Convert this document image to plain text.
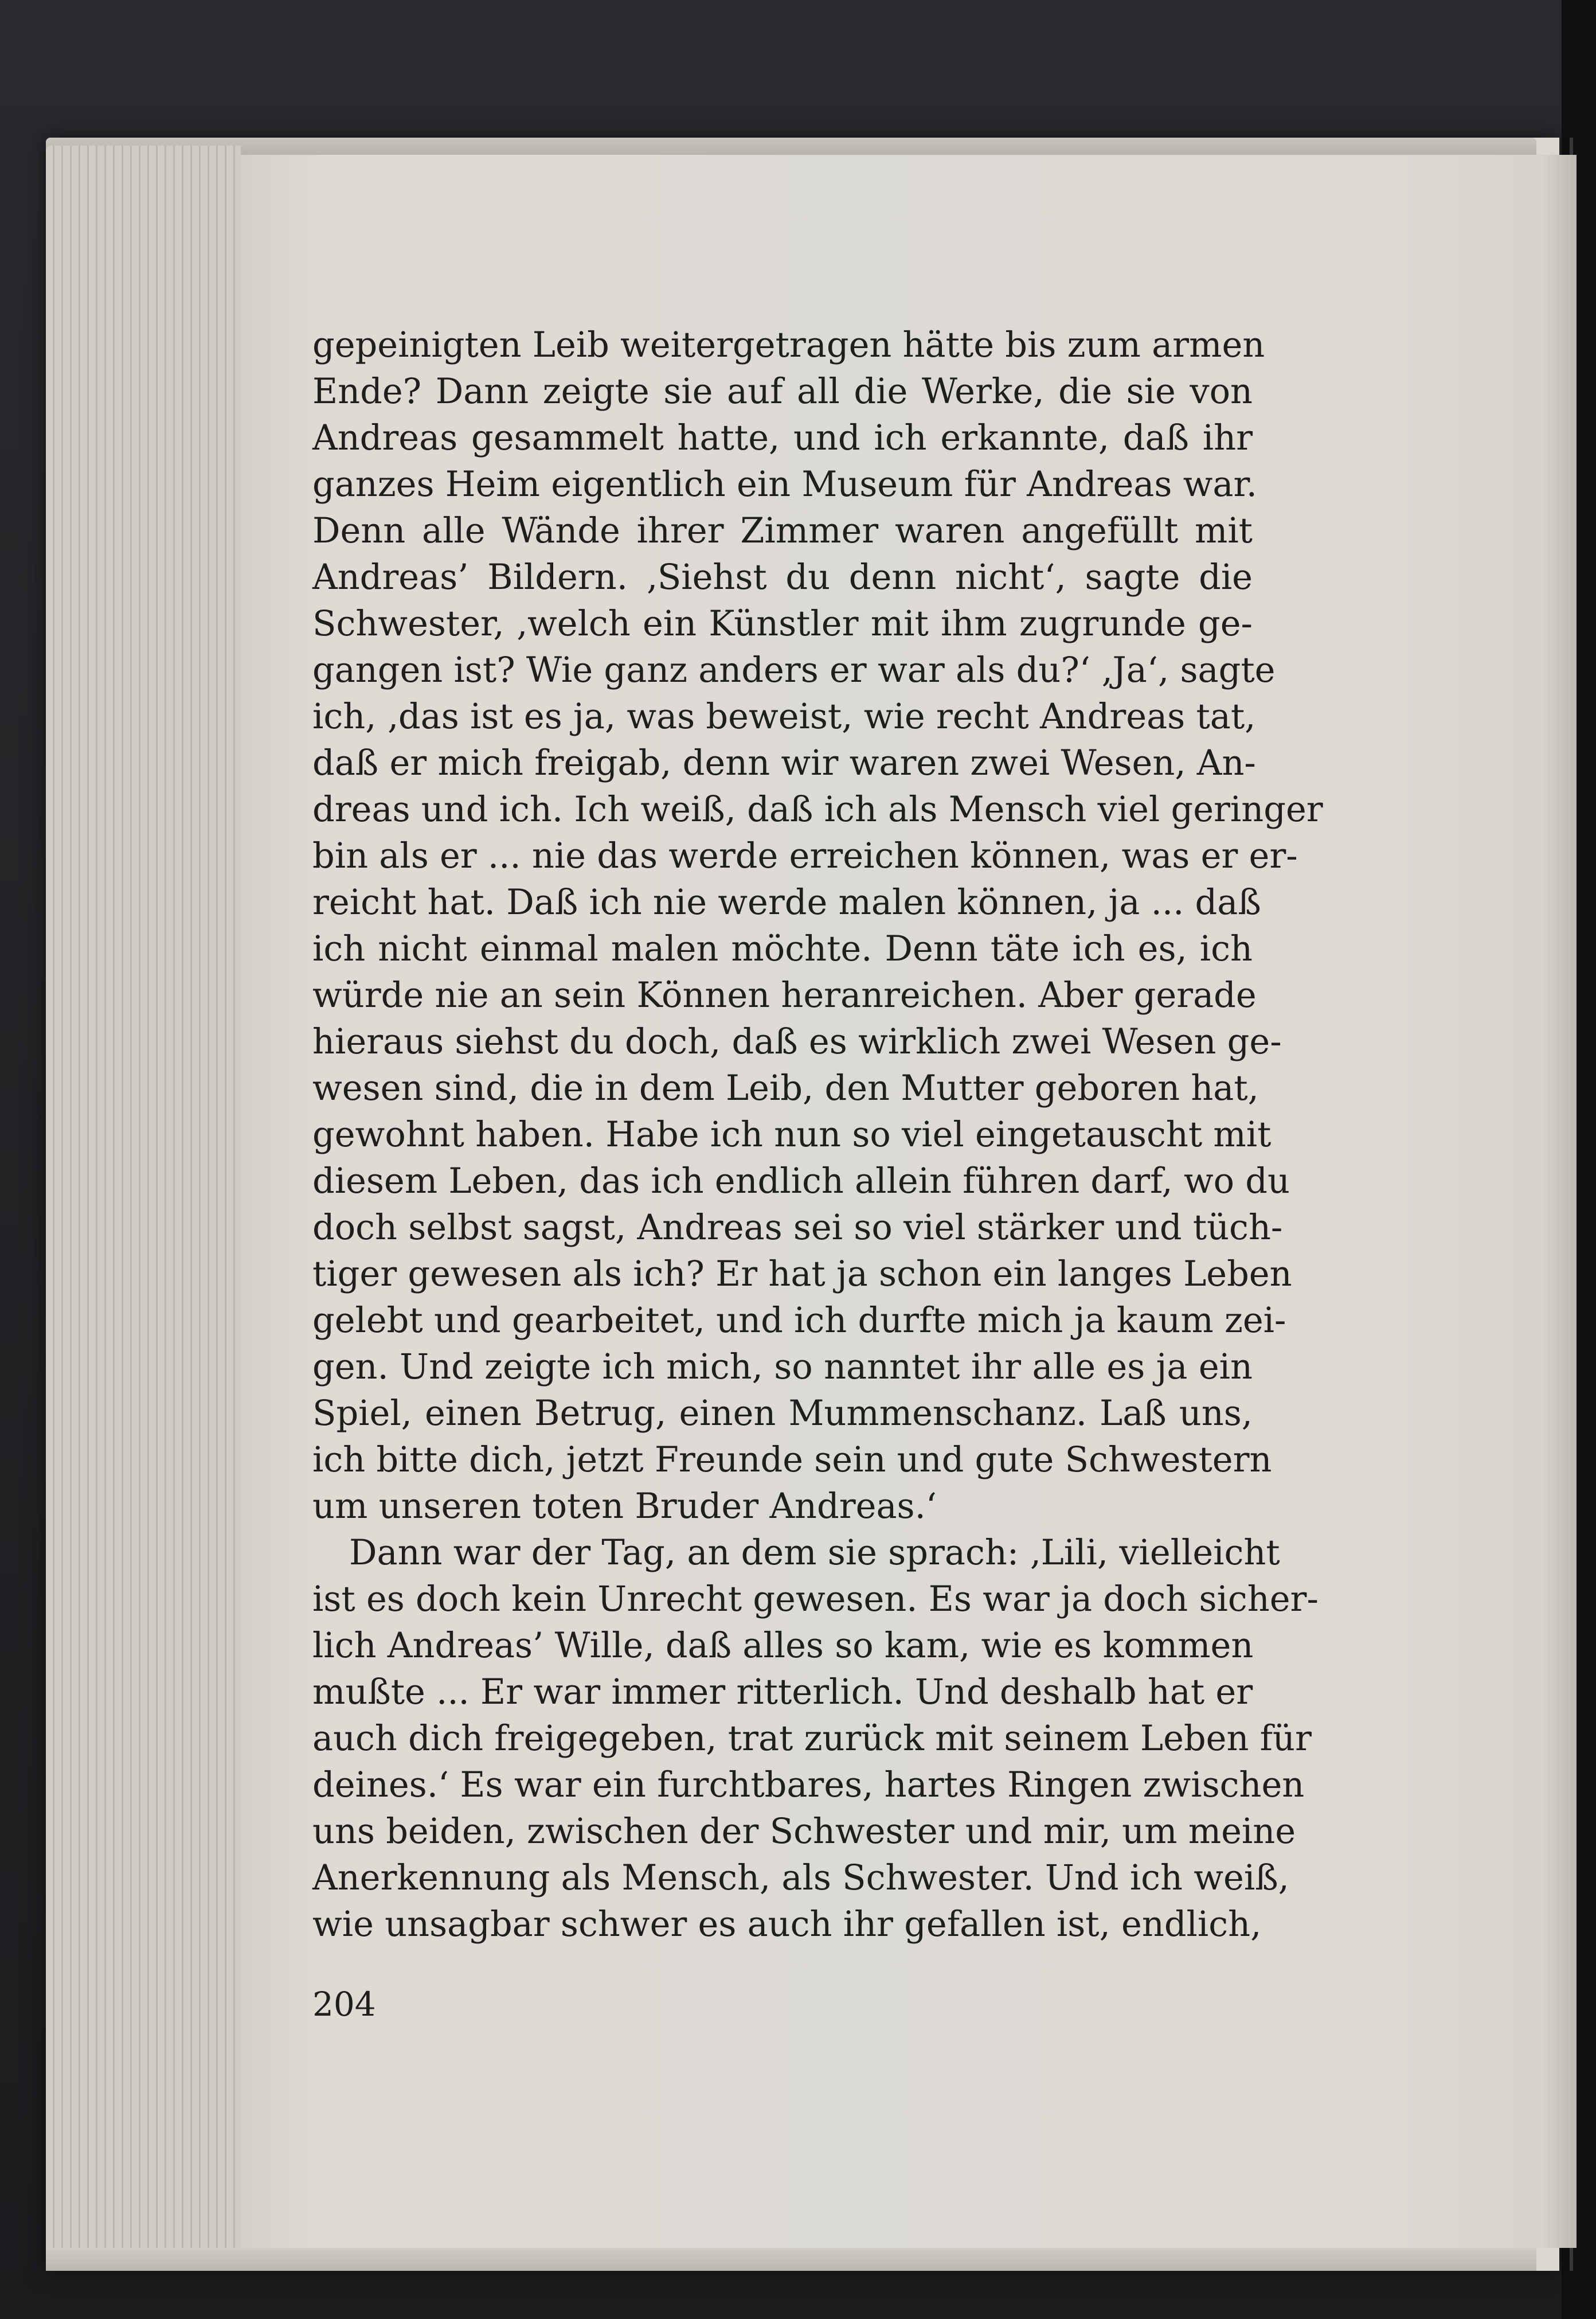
gepeinigten Leib weitergetragen hätte bis zum armen
Ende? Dann zeigte sie auf all die Werke, die sie von
Andreas gesammelt hatte, und ich erkannte, daß ihr
ganzes Heim eigentlich ein Museum für Andreas war.
Denn alle Wände ihrer Zimmer waren angefüllt mit
Andreas’ Bildern. ‚Siehst du denn nicht‘, sagte die
Schwester, ‚welch ein Künstler mit ihm zugrunde ge-
gangen ist? Wie ganz anders er war als du?‘ ‚Ja‘, sagte
ich, ‚das ist es ja, was beweist, wie recht Andreas tat,
daß er mich freigab, denn wir waren zwei Wesen, An-
dreas und ich. Ich weiß, daß ich als Mensch viel geringer
bin als er ... nie das werde erreichen können, was er er-
reicht hat. Daß ich nie werde malen können, ja ... daß
ich nicht einmal malen möchte. Denn täte ich es, ich
würde nie an sein Können heranreichen. Aber gerade
hieraus siehst du doch, daß es wirklich zwei Wesen ge-
wesen sind, die in dem Leib, den Mutter geboren hat,
gewohnt haben. Habe ich nun so viel eingetauscht mit
diesem Leben, das ich endlich allein führen darf, wo du
doch selbst sagst, Andreas sei so viel stärker und tüch-
tiger gewesen als ich? Er hat ja schon ein langes Leben
gelebt und gearbeitet, und ich durfte mich ja kaum zei-
gen. Und zeigte ich mich, so nanntet ihr alle es ja ein
Spiel, einen Betrug, einen Mummenschanz. Laß uns,
ich bitte dich, jetzt Freunde sein und gute Schwestern
um unseren toten Bruder Andreas.‘
Dann war der Tag, an dem sie sprach: ‚Lili, vielleicht
ist es doch kein Unrecht gewesen. Es war ja doch sicher-
lich Andreas’ Wille, daß alles so kam, wie es kommen
mußte ... Er war immer ritterlich. Und deshalb hat er
auch dich freigegeben, trat zurück mit seinem Leben für
deines.‘ Es war ein furchtbares, hartes Ringen zwischen
uns beiden, zwischen der Schwester und mir, um meine
Anerkennung als Mensch, als Schwester. Und ich weiß,
wie unsagbar schwer es auch ihr gefallen ist, endlich,
204
